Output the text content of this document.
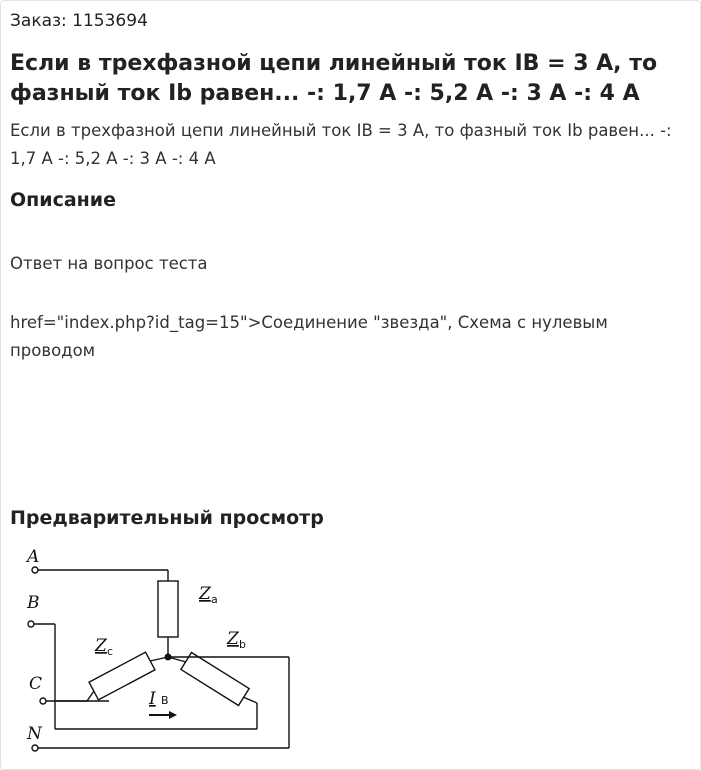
Заказ: 1153694
Если в трехфазной цепи линейный ток IB = 3 А, то фазный ток Ib равен... -: 1,7 А -: 5,2 А -: 3 А -: 4 А
Если в трехфазной цепи линейный ток IB = 3 А, то фазный ток Ib равен... -: 1,7 А -: 5,2 А -: 3 А -: 4 А
Описание
Ответ на вопрос теста
href="index.php?id_tag=15">Соединение "звезда", Схема с нулевым проводом
Предварительный просмотр
A
B
C
N
Z a
Z b
Z c
I B
